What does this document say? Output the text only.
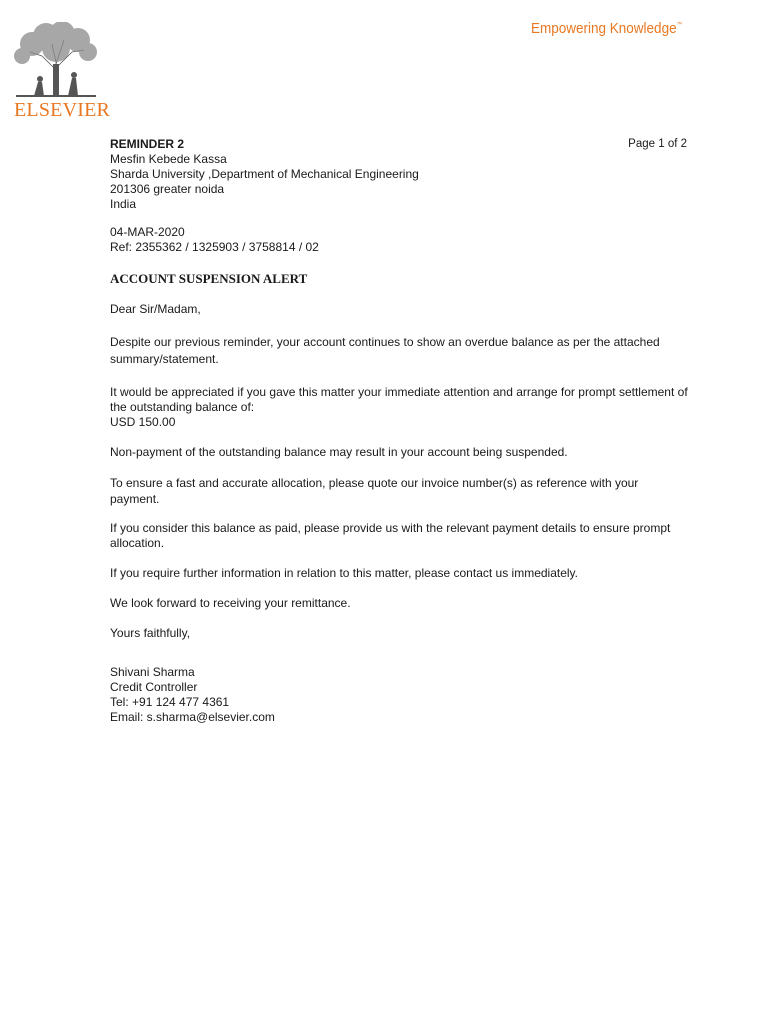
ELSEVIER
Empowering Knowledge™
REMINDER 2	Page 1 of 2

Mesfin Kebede Kassa

Sharda University ,Department of Mechanical Engineering

201306 greater noida

India

04-MAR-2020

Ref: 2355362 / 1325903 / 3758814 / 02

ACCOUNT SUSPENSION ALERT

Dear Sir/Madam,

Despite our previous reminder, your account continues to show an overdue balance as per the attached summary/statement.

It would be appreciated if you gave this matter your immediate attention and arrange for prompt settlement of the outstanding balance of:

USD 150.00

Non-payment of the outstanding balance may result in your account being suspended.

To ensure a fast and accurate allocation, please quote our invoice number(s) as reference with your payment.

If you consider this balance as paid, please provide us with the relevant payment details to ensure prompt allocation.

If you require further information in relation to this matter, please contact us immediately.

We look forward to receiving your remittance.

Yours faithfully,

Shivani Sharma

Credit Controller

Tel: +91 124 477 4361

Email: s.sharma@elsevier.com
